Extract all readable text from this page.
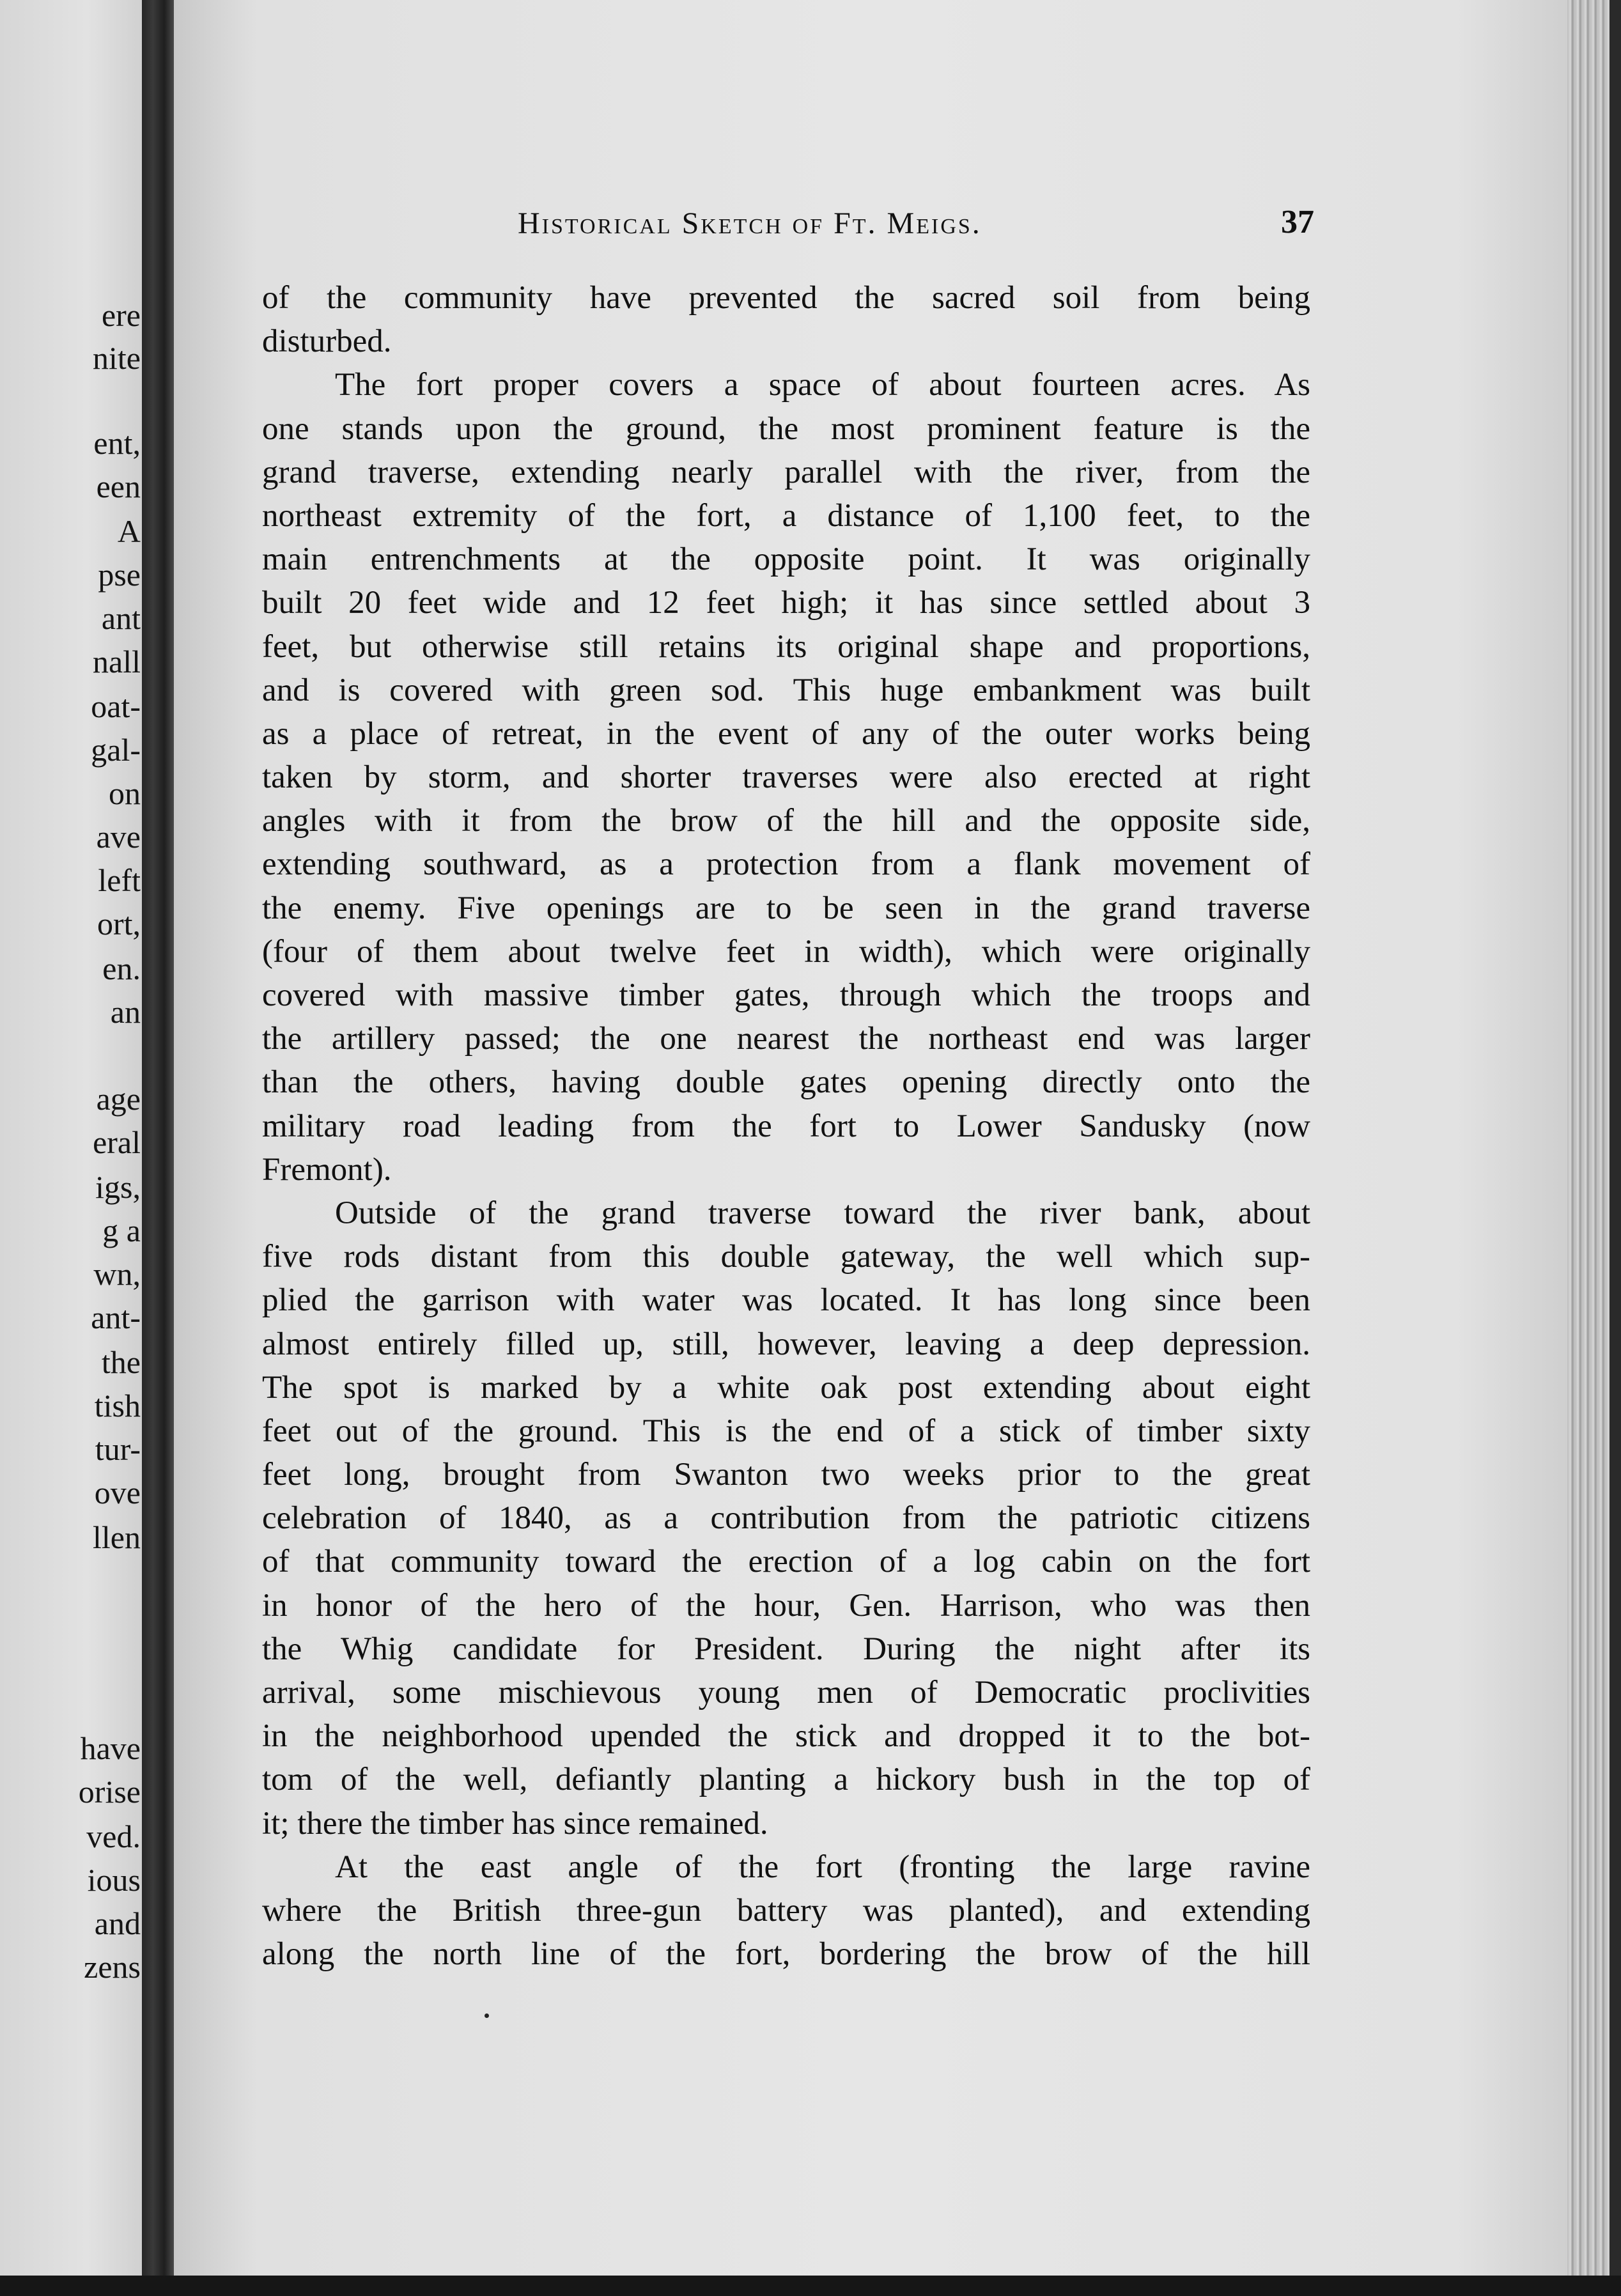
ere
nite
ent,
een
A
pse
ant
nall
oat-
gal-
on
ave
left
ort,
en.
an
age
eral
igs,
g a
wn,
ant-
the
tish
tur-
ove
llen
have
orise
ved.
ious
and
zens
Historical Sketch of Ft. Meigs.	37
of the community have prevented the sacred soil from being
disturbed.
The fort proper covers a space of about fourteen acres. As
one stands upon the ground, the most prominent feature is the
grand traverse, extending nearly parallel with the river, from the
northeast extremity of the fort, a distance of 1,100 feet, to the
main entrenchments at the opposite point. It was originally
built 20 feet wide and 12 feet high; it has since settled about 3
feet, but otherwise still retains its original shape and proportions,
and is covered with green sod. This huge embankment was built
as a place of retreat, in the event of any of the outer works being
taken by storm, and shorter traverses were also erected at right
angles with it from the brow of the hill and the opposite side,
extending southward, as a protection from a flank movement of
the enemy. Five openings are to be seen in the grand traverse
(four of them about twelve feet in width), which were originally
covered with massive timber gates, through which the troops and
the artillery passed; the one nearest the northeast end was larger
than the others, having double gates opening directly onto the
military road leading from the fort to Lower Sandusky (now
Fremont).
Outside of the grand traverse toward the river bank, about
five rods distant from this double gateway, the well which sup-
plied the garrison with water was located. It has long since been
almost entirely filled up, still, however, leaving a deep depression.
The spot is marked by a white oak post extending about eight
feet out of the ground. This is the end of a stick of timber sixty
feet long, brought from Swanton two weeks prior to the great
celebration of 1840, as a contribution from the patriotic citizens
of that community toward the erection of a log cabin on the fort
in honor of the hero of the hour, Gen. Harrison, who was then
the Whig candidate for President. During the night after its
arrival, some mischievous young men of Democratic proclivities
in the neighborhood upended the stick and dropped it to the bot-
tom of the well, defiantly planting a hickory bush in the top of
it; there the timber has since remained.
At the east angle of the fort (fronting the large ravine
where the British three-gun battery was planted), and extending
along the north line of the fort, bordering the brow of the hill
